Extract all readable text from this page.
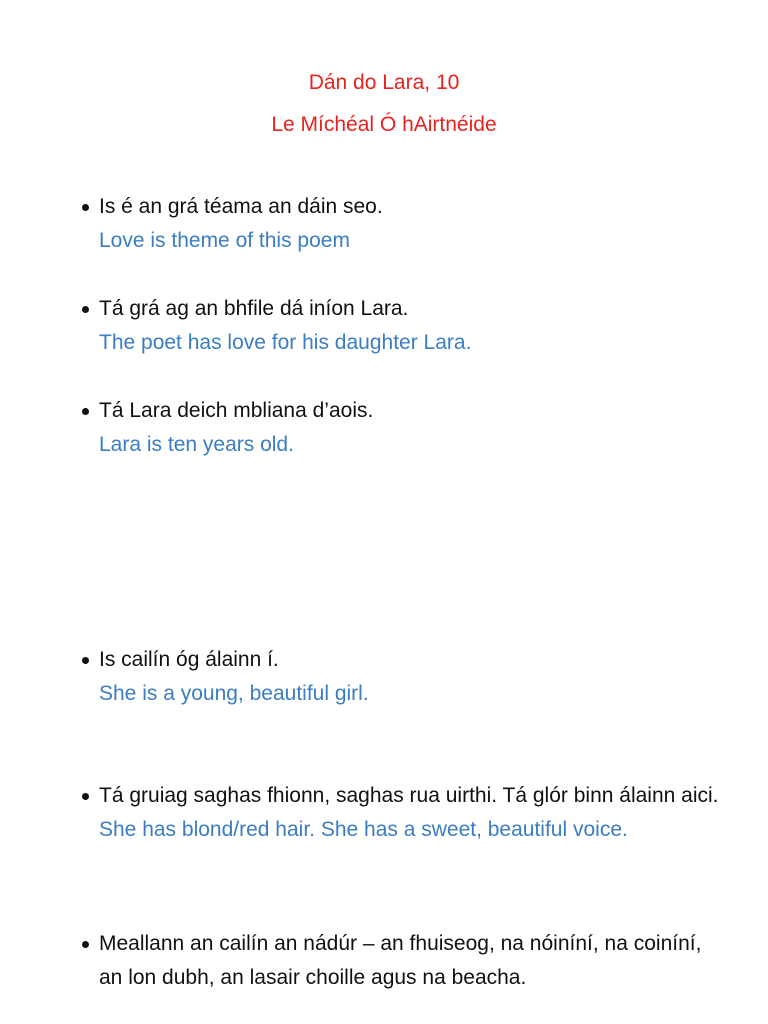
Dán do Lara, 10
Le Míchéal Ó hAirtnéide
Is é an grá téama an dáin seo.
Love is theme of this poem
Tá grá ag an bhfile dá iníon Lara.
The poet has love for his daughter Lara.
Tá Lara deich mbliana d’aois.
Lara is ten years old.
Is cailín óg álainn í.
She is a young, beautiful girl.
Tá gruiag saghas fhionn, saghas rua uirthi. Tá glór binn álainn aici.
She has blond/red hair. She has a sweet, beautiful voice.
Meallann an cailín an nádúr – an fhuiseog, na nóiníní, na coiníní, an lon dubh, an lasair choille agus na beacha.
